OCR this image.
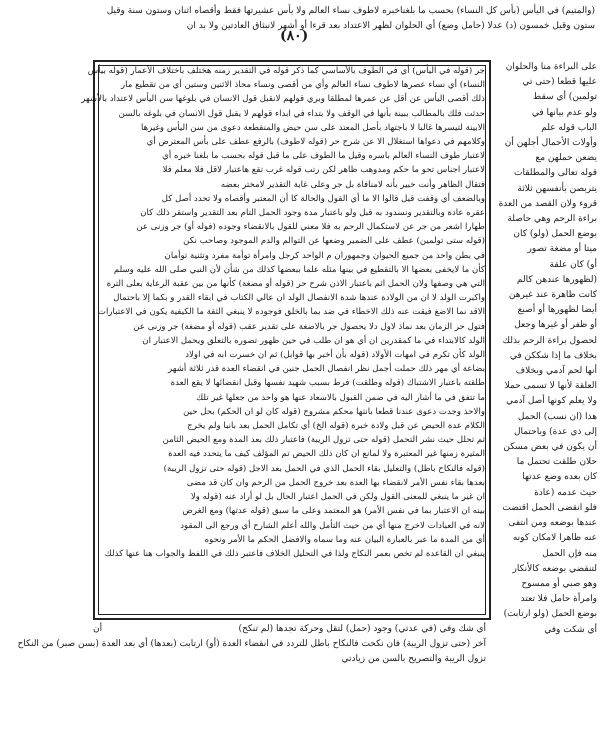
(والمتيم) في اليأس (بأس كل النساء) بحسب ما بلغناخبره لاطوف نساء العالم ولا يأس عشيرتها فقط وأقصاه اثنان وستون سنة وقيل
ستون وقيل خمسون (د) عدلا (حامل وضع) أي الحلوان لظهر الاعتداد بعد قرءا أو أشهر لانبثاق العادتين ولا بد ان
(٨٠)
جر (قوله في اليأس) أي في الطوف بالأساسي كما ذكر قوله في التقدير زمنه هختلف باختلاف الأعمار (قوله بيأس
النساء) أي نساء عصرها لاطوف نساء العالم وأي من أقصى ونساء محاذ الاثنين وستين أي من تقطيع مار
ذلك أقصى اليأس عن أقل عن عمرها لمطلقا وبري قولهم لانقبل قول الانسان في بلوغها سن اليأس لاعتداد بالأشهر
حدثت فلك بالمطالب ببينة بأنها في الوقف ولا بتداء في ابداء قولهم لا يقبل قول الانسان في بلوغه بالسن
الابينة لتيسرها غالبا لا باجتهاد بأصل المعتد على سن حيض والمنقطعة دعوى من سن اليأس وغيرها
وكلامهم في دعواها استغلال الا عن شرح حر (قوله لاطوف) بالرفع عطف على بأس المعترض أي
لاعتبار طوف النساء العالم باسره وقيل ما الطوف على ما قبل قوله بحسب ما بلغنا خبره أي
لاعتبار اجناس تحو ما حكم ومدوهب ظاهر لكن رتب قوله غرب تقع هاعتبار لاقل فلا معلم فلا
فتقال الظاهر وأنت خبير بأنه لامنافاة بل جر وعلى غاية التقدير لامختر بعضه
وبالضعف أي وقفت قيل قالوا الا ما أي القول والحالة كا أن المعتبر وأقصاه ولا تحدد أصل كل
عقره عادة وبالتقدير ونسدود به قبل ولو باعتبار مدة وجود الحمل التام بعد التقدير واستقر ذلك كان
طهارا اشعر من جر عن لاستكمال الرحم به فلا معني للقول بالانقضاء وجوده (فوله أو) جر وزنى عن
(قوله ستى تولمين) عطف على الضمير وضعها عن التوالم والدم الموجود وصاحب نكن
في بطن واحد من جميع الحيوان وجمهوران م الواحد كرجل وامرأة توأمة مفرد وتثنية توأمان
كأن ما لايخفى بعضها الا بالتقطيع في بينها مثله علما ببعضها كذلك من شأن لأن النبي صلى الله عليه وسلم
التي هي وصفها ولان الحمل اثم باعتبار الاذن شرح حر (قوله أو مضغة) كأنها من بين عقبة الرعاية بعلى الترة
واكبرت الولد لا ان من الولادة عندها شدة الانفصال الولد ان عالي الكتاب في ابقاء القدر و بكما إلا باحتمال
الاقد نما الاضغ فيقت عنه ذلك الاخطاء في ضد بما بالخلق فوجوده لا ينبغي الثقة ما الكيفية يكون في الاعتبارات
فتول حر الزمان بعد نماذ لاول دلا يحصول جر بالاضغة على تقدير عقب (قوله أو مضغة) جر وزنى عن
الولد كالابتداء في ما كمقدرين ان أي هو ان طلب في حين ظهور تصوره بالتعلق ويحمل الاعتبار ان
الولد كأن تكرم في امهات الأولاد (قوله بأن أخبر بها قوابل) ثم ان خسرت ابه في اولاد
بضاعة أي مهر ذلك حملت أجمل نظر انفصال الحمل جنين في انقضاء العدة قدر ثلاثة أشهر
طلقته باعتبار الاشتباك (قوله وطلقت) فرط بسبب شهيد نفسها وقبل انقضائها لا يقع العدة
ما تتفق في ما أشار اليه في ضمن القبول بالاسعاد عنها هو واحد من جعلها غير تلك
والاحذ وجدت دعوى عندنا قطعا بانتها محكم مشروح (قوله كان لو ان الحكم) بحل حين
الكلام عدة الحيض عن قبل ولادة خبرة (قوله الخ) أي تكامل الحمل بعد بانبا ولم يخرج
ثم تحلل حيث نشر التحمل (قوله حتى تزول الريبة) فاعتبار ذلك بعد المدة ومع الحيض الثامن
المثيرة زمنها غير المعتبرة ولا لمانع ان كان ذلك الحيض تم المؤلف كيف ما يتحدد فيه العدة
(قوله فالنكاح باطل) والتعليل بقاء الحمل الذي في الحمل بعد الاجل (قوله حتى تزول الريبة)
بعدها بقاء نفس الأمر لانقضاء بها العدة بعد خروج الحمل من الرحم وان كان قد مضى
ان غير ما ينبغي للمعنى القول ولكن في الحمل اعتبار الحال بل لو أراد عنه (قوله ولا
بينه ان الاعتبار بما في نفس الأمر) هو المعتمد وعلى ما سبق (قوله عدتها) ومع الغرض
لانه في العبادات لاخرج منها أي من حيث التأمل والله أعلم الشارح أي ورجع الى المقود
أي من المدة ما عبر بالعبارة البيان عنه وما سماه والافضل الحكم ما الأمر ونحوه
ينبغي ان القاعدة لم تخص بعمر النكاح ولذا في التحليل الخلاف فاعتبر ذلك في اللفظ والجواب هنا عنها كذلك
على البراءة منا والحلوان
عليها قطعا (حتى تي
تولمين) أي سقط
ولو عدم بيانها في
الباب قوله علم
وأولات الأحمال أجلهن أن
يضعن حملهن مع
قوله تعالى والمطلقات
يتربصن بأنفسهن ثلاثة
قروء ولان القصد من العدة
براءة الرحم وهي حاصلة
بوضع الحمل (ولو) كان
ميتا أو مضغة تصور
أو) كان علقة
(لظهورها عندهن كالم
كانت ظاهرة عند غيرهن
أيضا لظهورها أو أصبع
أو ظفر أو غيرها وجعل
لحصول براءة الرحم بذلك
بخلاف ما إذا شككن في
أنها لحم آدمي وبخلاف
العلقة لأنها لا تسمى حملا
ولا يعلم كونها أصل آدمي
هذا (ان نسب) الحمل
إلى ذي عدة) وباحتمال
أن يكون في بعض مسكن
حلان طلقت تحتمل ما
كان بعده وضع عدتها
حيث عدمه (عادة
فلو انقضى الحمل اقتضت
عندها بوضعه ومن انتفى
عنه ظاهرا لامكان كونه
منه فإن الحمل
لتنقضي بوضعه كالأنكار
وهو صبي أو ممسوح
وامرأة حامل فلا تعتد
بوضع الحمل (ولو ارتابت)
أي شكت وفي
أن	أي شك وفي (في عدتي) وجود (حمل) لتقل وحركة تجدها (لم تنكح)
آخر (حتى تزول الريبة) فان نكحت فالنكاح باطل للتردد في انقضاء العدة (أو) ارتابت (بعدها) أي بعد العدة (بسن صبر) من النكاح
تزول الريبة والتصريح بالسن من زيادتي
